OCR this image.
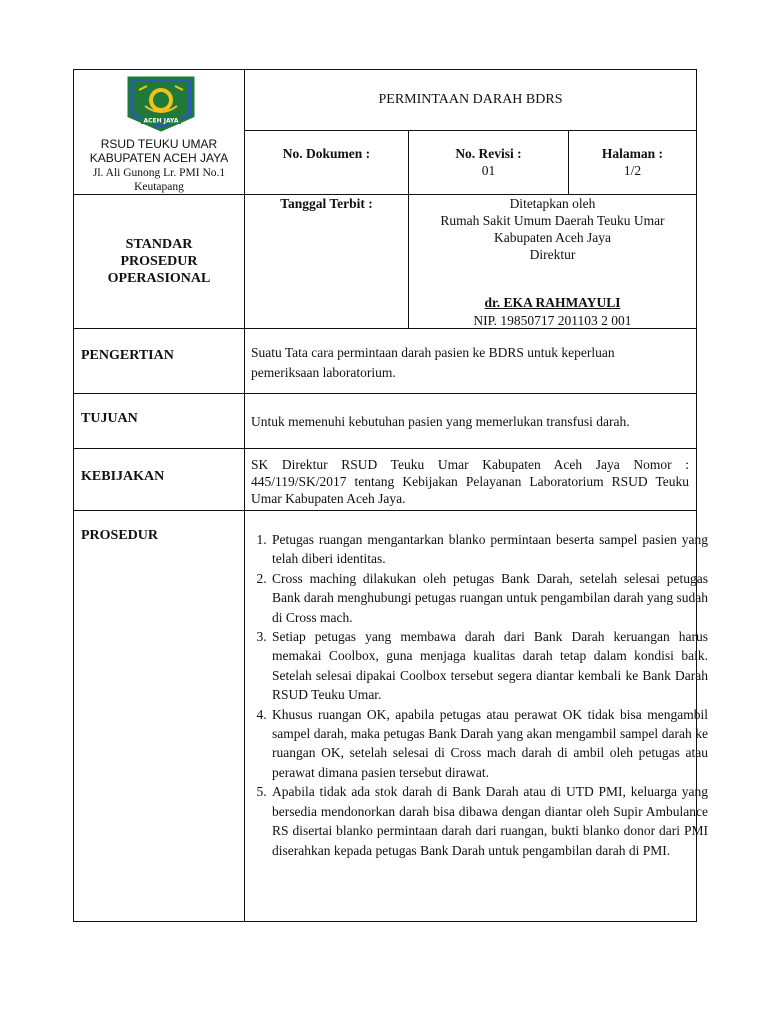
ACEH JAYA
RSUD TEUKU UMAR
KABUPATEN ACEH JAYA
Jl. Ali Gunong Lr. PMI No.1
Keutapang
PERMINTAAN DARAH BDRS
No. Dokumen :	No. Revisi :
01
Halaman :
1/2
STANDAR
PROSEDUR
OPERASIONAL
Tanggal Terbit :	Ditetapkan oleh
Rumah Sakit Umum Daerah Teuku Umar
Kabupaten Aceh Jaya
Direktur
dr. EKA RAHMAYULI
NIP. 19850717 201103 2 001
PENGERTIAN	Suatu Tata cara permintaan darah pasien ke BDRS untuk keperluan pemeriksaan laboratorium.
TUJUAN	Untuk memenuhi kebutuhan pasien yang memerlukan transfusi darah.
KEBIJAKAN
SK Direktur RSUD Teuku Umar Kabupaten Aceh Jaya Nomor : 445/119/SK/2017 tentang Kebijakan Pelayanan Laboratorium RSUD Teuku Umar Kabupaten Aceh Jaya.
PROSEDUR
1.	Petugas ruangan mengantarkan blanko permintaan beserta sampel pasien yang telah diberi identitas.
2. Cross maching dilakukan oleh petugas Bank Darah, setelah selesai petugas Bank darah menghubungi petugas ruangan untuk pengambilan darah yang sudah di Cross mach.
3. Setiap petugas yang membawa darah dari Bank Darah keruangan harus memakai Coolbox, guna menjaga kualitas darah tetap dalam kondisi baik. Setelah selesai dipakai Coolbox tersebut segera diantar kembali ke Bank Darah RSUD Teuku Umar.
4. Khusus ruangan OK, apabila petugas atau perawat OK tidak bisa mengambil sampel darah, maka petugas Bank Darah yang akan mengambil sampel darah ke ruangan OK, setelah selesai di Cross mach darah di ambil oleh petugas atau perawat dimana pasien tersebut dirawat.
5. Apabila tidak ada stok darah di Bank Darah atau di UTD PMI, keluarga yang bersedia mendonorkan darah bisa dibawa dengan diantar oleh Supir Ambulance RS disertai blanko permintaan darah dari ruangan, bukti blanko donor dari PMI diserahkan kepada petugas Bank Darah untuk pengambilan darah di PMI.
